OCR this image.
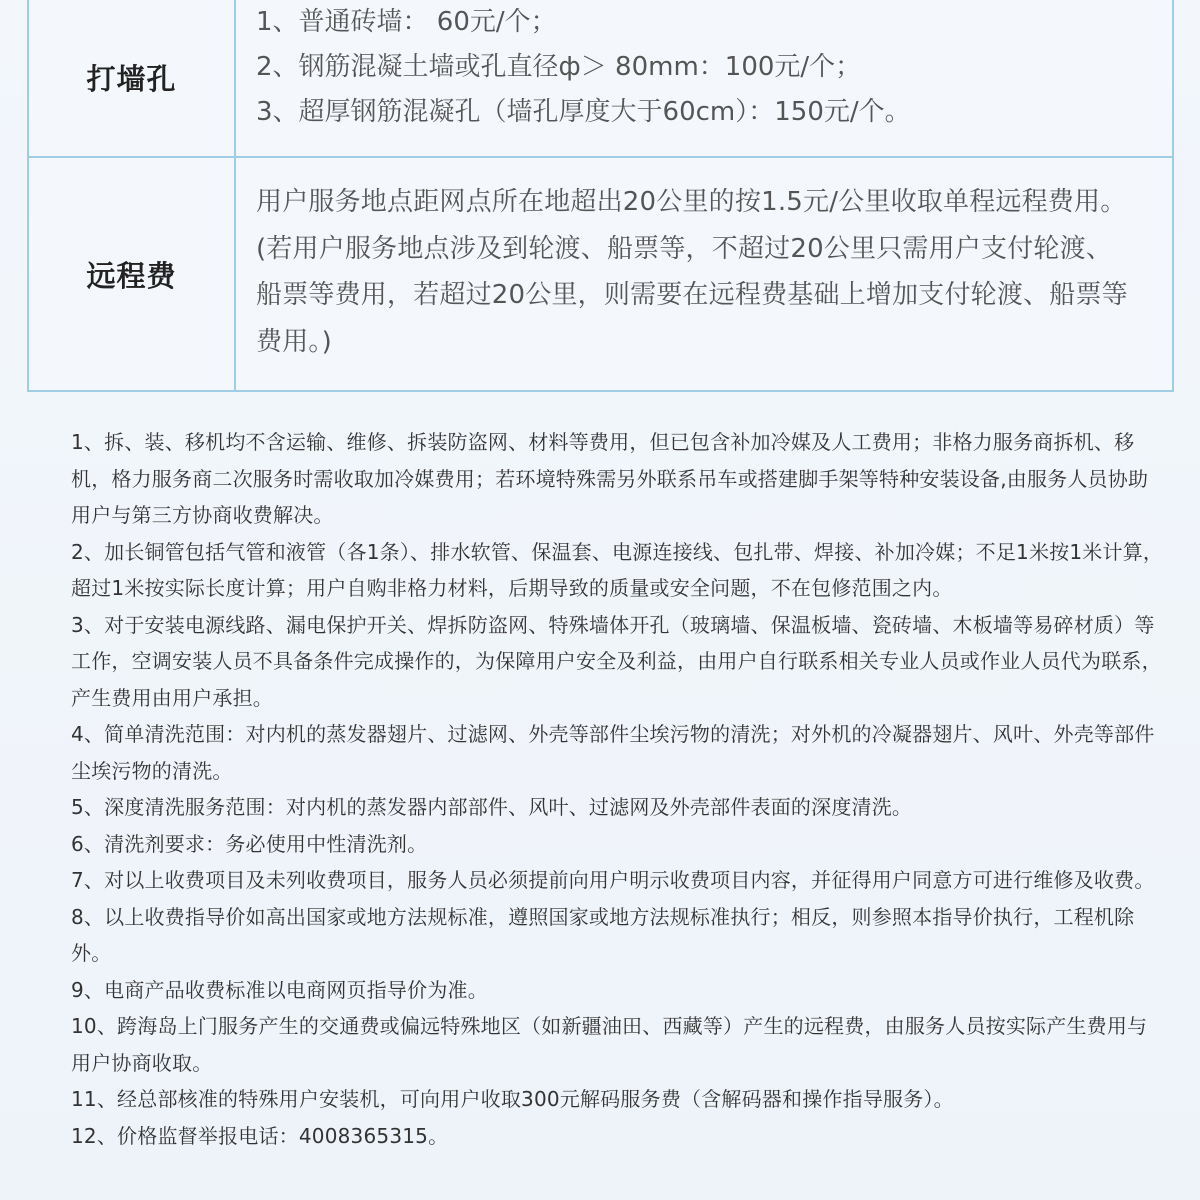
打墙孔
1、普通砖墙： 60元/个；
2、钢筋混凝土墙或孔直径ф＞ 80mm：100元/个；
3、超厚钢筋混凝孔（墙孔厚度大于60cm）：150元/个。
远程费
用户服务地点距网点所在地超出20公里的按1.5元/公里收取单程远程费用。(若用户服务地点涉及到轮渡、船票等，不超过20公里只需用户支付轮渡、船票等费用，若超过20公里，则需要在远程费基础上增加支付轮渡、船票等费用。)

1、拆、装、移机均不含运输、维修、拆装防盗网、材料等费用，但已包含补加冷媒及人工费用；非格力服务商拆机、移机，格力服务商二次服务时需收取加冷媒费用；若环境特殊需另外联系吊车或搭建脚手架等特种安装设备,由服务人员协助用户与第三方协商收费解决。

2、加长铜管包括气管和液管（各1条）、排水软管、保温套、电源连接线、包扎带、焊接、补加冷媒；不足1米按1米计算，超过1米按实际长度计算；用户自购非格力材料，后期导致的质量或安全问题，不在包修范围之内。

3、对于安装电源线路、漏电保护开关、焊拆防盗网、特殊墙体开孔（玻璃墙、保温板墙、瓷砖墙、木板墙等易碎材质）等工作，空调安装人员不具备条件完成操作的，为保障用户安全及利益，由用户自行联系相关专业人员或作业人员代为联系，产生费用由用户承担。

4、简单清洗范围：对内机的蒸发器翅片、过滤网、外壳等部件尘埃污物的清洗；对外机的冷凝器翅片、风叶、外壳等部件尘埃污物的清洗。

5、深度清洗服务范围：对内机的蒸发器内部部件、风叶、过滤网及外壳部件表面的深度清洗。

6、清洗剂要求：务必使用中性清洗剂。

7、对以上收费项目及未列收费项目，服务人员必须提前向用户明示收费项目内容，并征得用户同意方可进行维修及收费。

8、以上收费指导价如高出国家或地方法规标准，遵照国家或地方法规标准执行；相反，则参照本指导价执行，工程机除外。

9、电商产品收费标准以电商网页指导价为准。

10、跨海岛上门服务产生的交通费或偏远特殊地区（如新疆油田、西藏等）产生的远程费，由服务人员按实际产生费用与用户协商收取。

11、经总部核准的特殊用户安装机，可向用户收取300元解码服务费（含解码器和操作指导服务）。

12、价格监督举报电话：4008365315。
